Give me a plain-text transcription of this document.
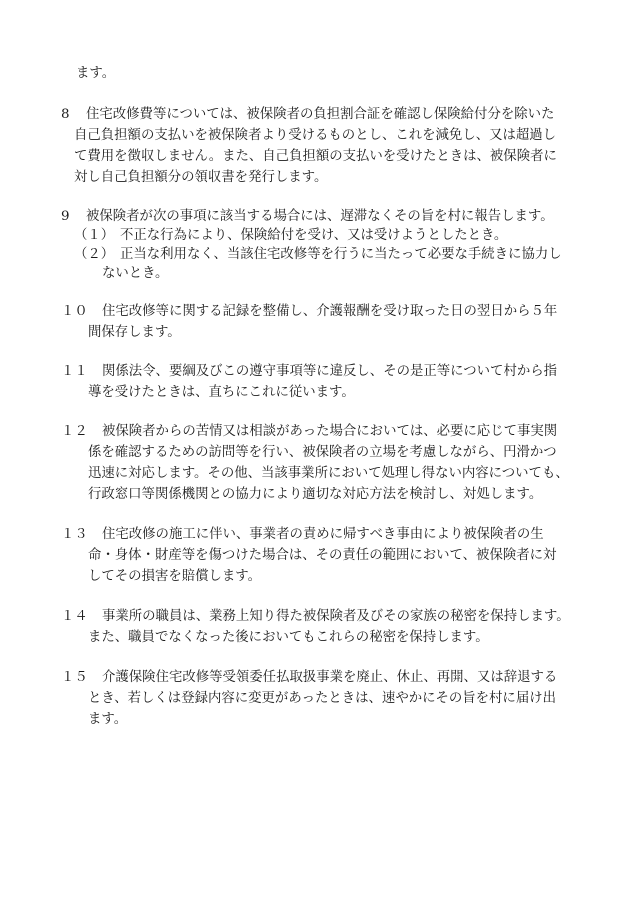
ます。
8 住宅改修費等については、被保険者の負担割合証を確認し保険給付分を除いた
自己負担額の支払いを被保険者より受けるものとし、これを減免し、又は超過し
て費用を徴収しません。また、自己負担額の支払いを受けたときは、被保険者に
対し自己負担額分の領収書を発行します。
9 被保険者が次の事項に該当する場合には、遅滞なくその旨を村に報告します。
（１） 不正な行為により、保険給付を受け、又は受けようとしたとき。
（２） 正当な利用なく、当該住宅改修等を行うに当たって必要な手続きに協力し
ないとき。
１０ 住宅改修等に関する記録を整備し、介護報酬を受け取った日の翌日から５年
間保存します。
１１ 関係法令、要綱及びこの遵守事項等に違反し、その是正等について村から指
導を受けたときは、直ちにこれに従います。
１２ 被保険者からの苦情又は相談があった場合においては、必要に応じて事実関
係を確認するための訪問等を行い、被保険者の立場を考慮しながら、円滑かつ
迅速に対応します。その他、当該事業所において処理し得ない内容についても、
行政窓口等関係機関との協力により適切な対応方法を検討し、対処します。
１３ 住宅改修の施工に伴い、事業者の責めに帰すべき事由により被保険者の生
命・身体・財産等を傷つけた場合は、その責任の範囲において、被保険者に対
してその損害を賠償します。
１４ 事業所の職員は、業務上知り得た被保険者及びその家族の秘密を保持します。
また、職員でなくなった後においてもこれらの秘密を保持します。
１５ 介護保険住宅改修等受領委任払取扱事業を廃止、休止、再開、又は辞退する
とき、若しくは登録内容に変更があったときは、速やかにその旨を村に届け出
ます。
